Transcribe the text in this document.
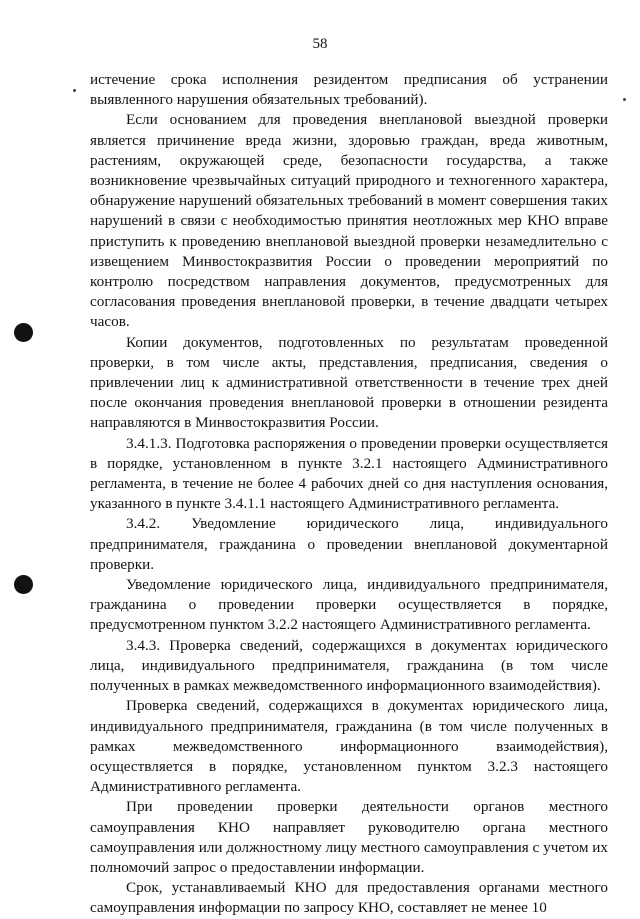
58

истечение срока исполнения резидентом предписания об устранении выявленного нарушения обязательных требований).

Если основанием для проведения внеплановой выездной проверки является причинение вреда жизни, здоровью граждан, вреда животным, растениям, окружающей среде, безопасности государства, а также возникновение чрезвычайных ситуаций природного и техногенного характера, обнаружение нарушений обязательных требований в момент совершения таких нарушений в связи с необходимостью принятия неотложных мер КНО вправе приступить к проведению внеплановой выездной проверки незамедлительно с извещением Минвостокразвития России о проведении мероприятий по контролю посредством направления документов, предусмотренных для согласования проведения внеплановой проверки, в течение двадцати четырех часов.

Копии документов, подготовленных по результатам проведенной проверки, в том числе акты, представления, предписания, сведения о привлечении лиц к административной ответственности в течение трех дней после окончания проведения внеплановой проверки в отношении резидента направляются в Минвостокразвития России.

3.4.1.3. Подготовка распоряжения о проведении проверки осуществляется в порядке, установленном в пункте 3.2.1 настоящего Административного регламента, в течение не более 4 рабочих дней со дня наступления основания, указанного в пункте 3.4.1.1 настоящего Административного регламента.

3.4.2. Уведомление юридического лица, индивидуального предпринимателя, гражданина о проведении внеплановой документарной проверки.

Уведомление юридического лица, индивидуального предпринимателя, гражданина о проведении проверки осуществляется в порядке, предусмотренном пунктом 3.2.2 настоящего Административного регламента.

3.4.3. Проверка сведений, содержащихся в документах юридического лица, индивидуального предпринимателя, гражданина (в том числе полученных в рамках межведомственного информационного взаимодействия).

Проверка сведений, содержащихся в документах юридического лица, индивидуального предпринимателя, гражданина (в том числе полученных в рамках межведомственного информационного взаимодействия), осуществляется в порядке, установленном пунктом 3.2.3 настоящего Административного регламента.

При проведении проверки деятельности органов местного самоуправления КНО направляет руководителю органа местного самоуправления или должностному лицу местного самоуправления с учетом их полномочий запрос о предоставлении информации.

Срок, устанавливаемый КНО для предоставления органами местного самоуправления информации по запросу КНО, составляет не менее 10
